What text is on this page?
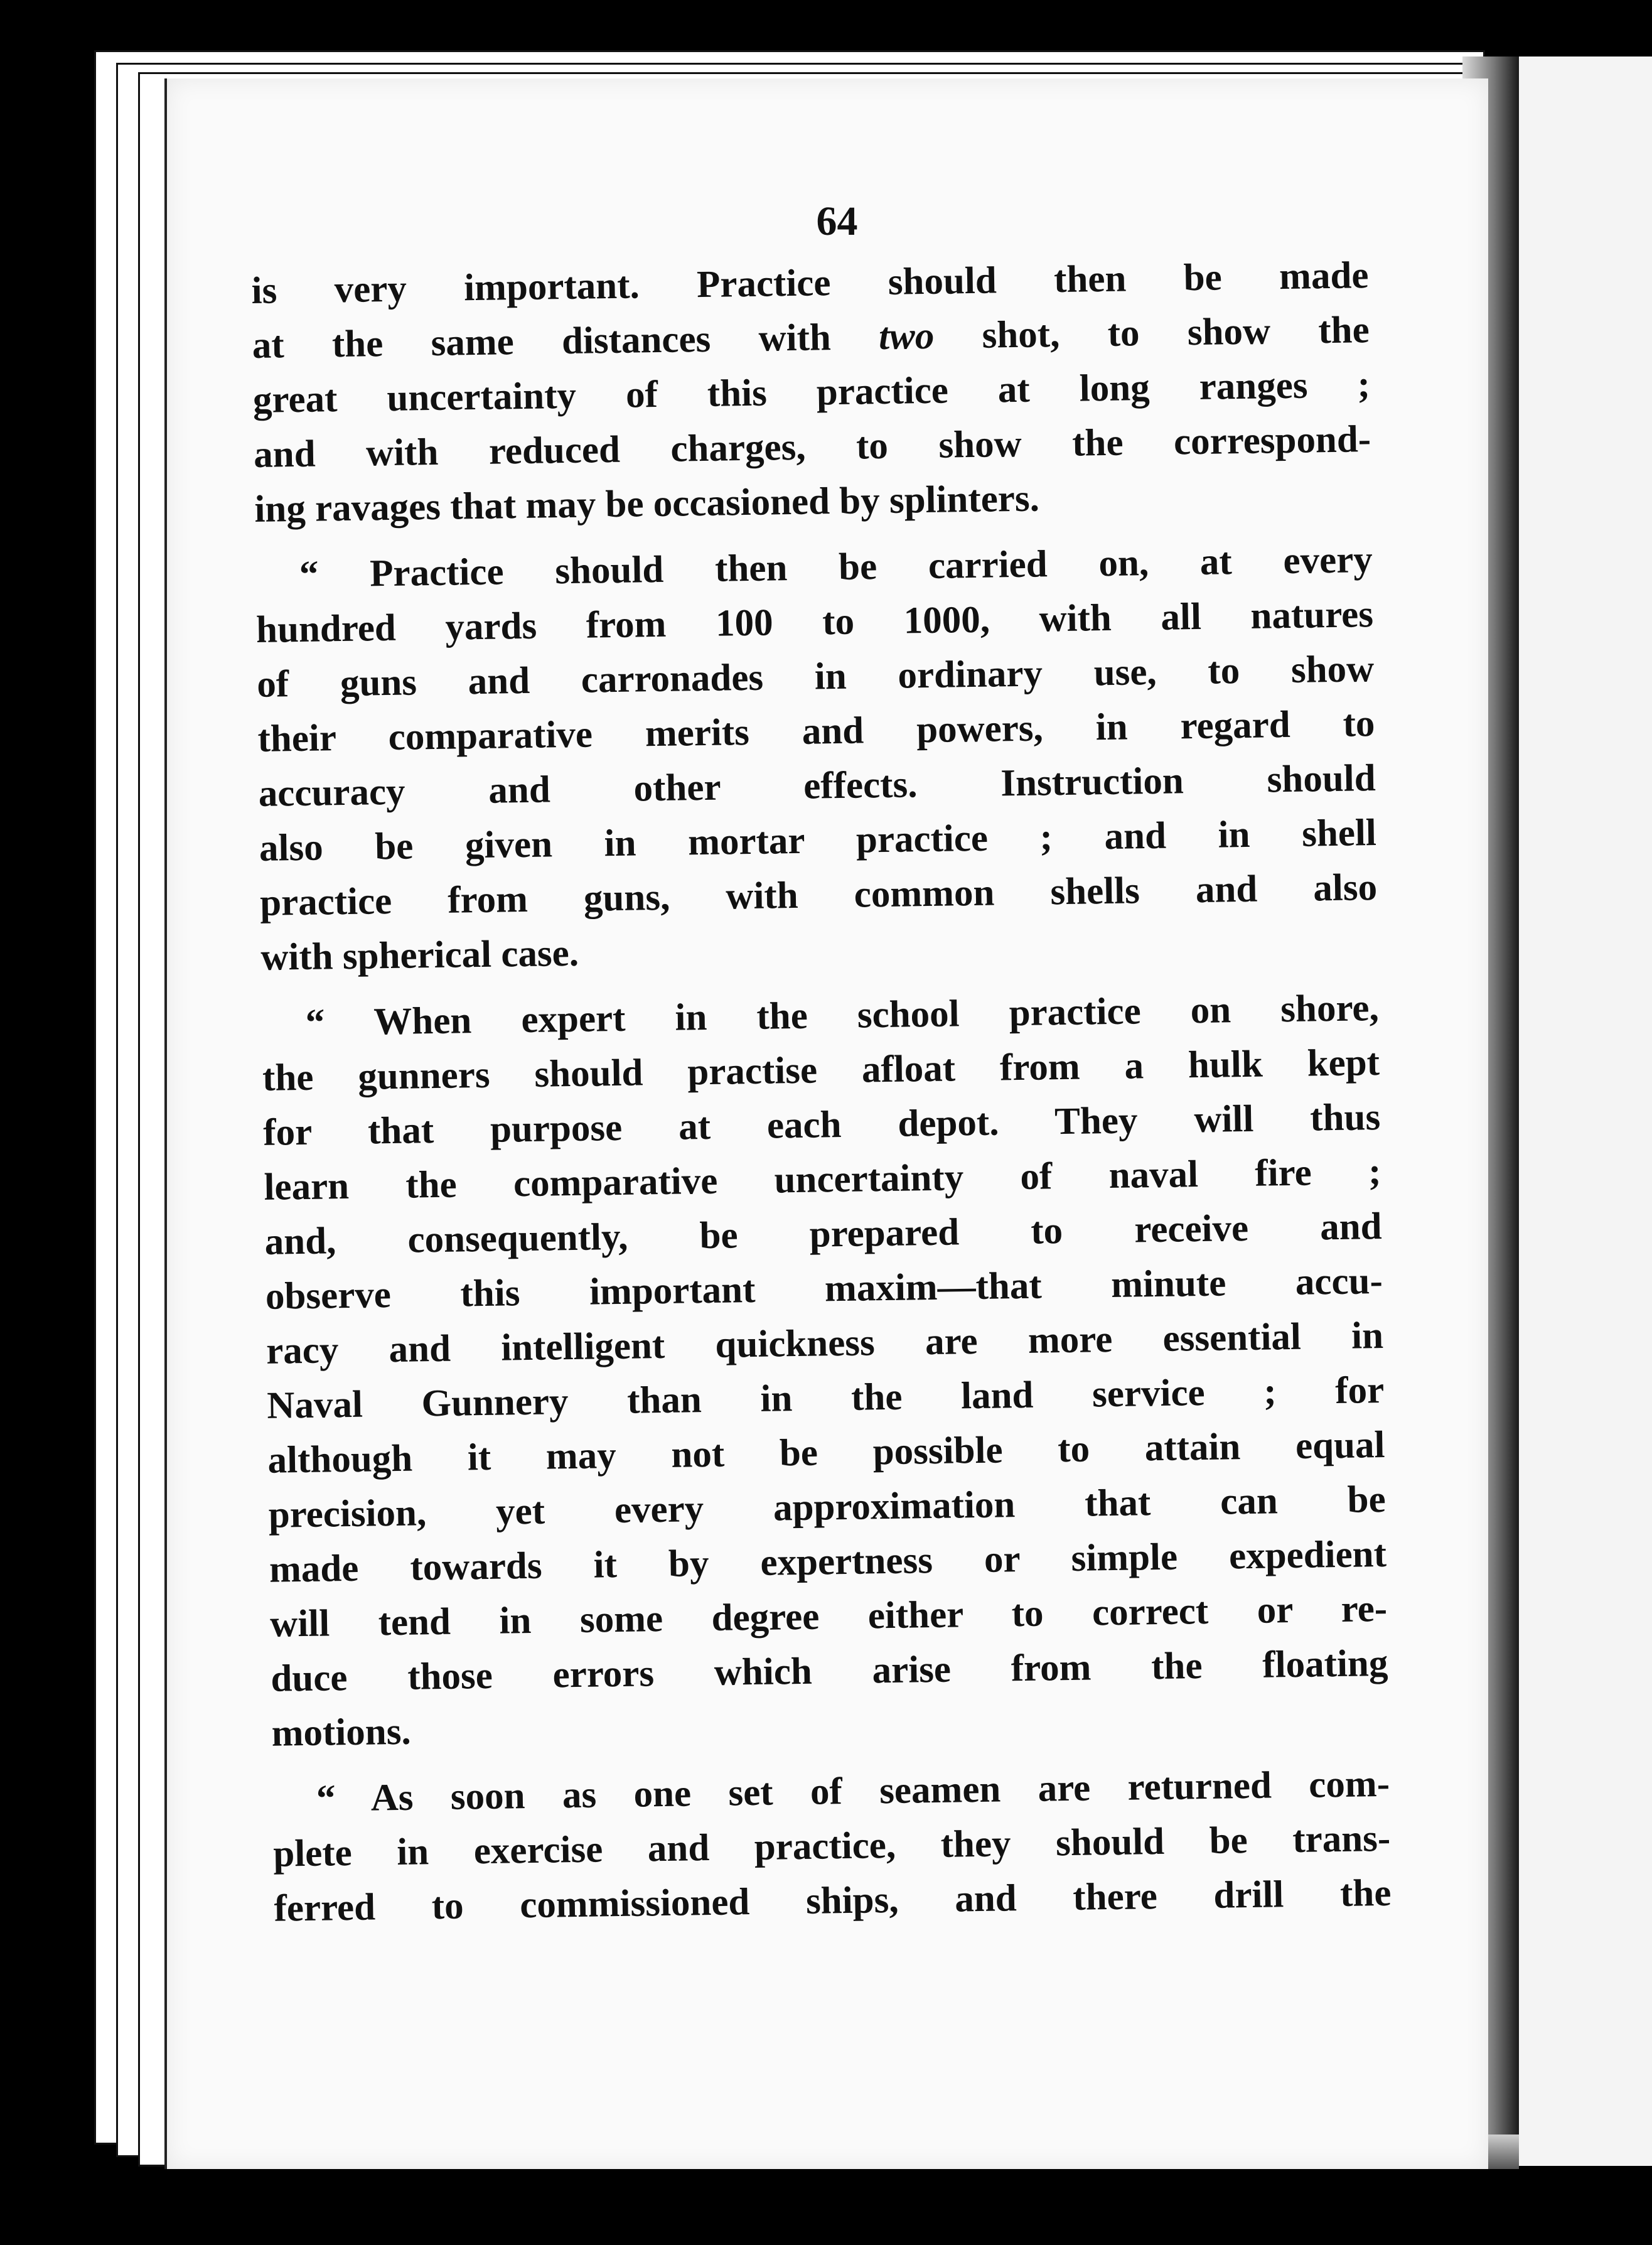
64
is very important. Practice should then be made
at the same distances with two shot, to show the
great uncertainty of this practice at long ranges ;
and with reduced charges, to show the correspond-
ing ravages that may be occasioned by splinters.
“ Practice should then be carried on, at every
hundred yards from 100 to 1000, with all natures
of guns and carronades in ordinary use, to show
their comparative merits and powers, in regard to
accuracy and other effects. Instruction should
also be given in mortar practice ; and in shell
practice from guns, with common shells and also
with spherical case.
“ When expert in the school practice on shore,
the gunners should practise afloat from a hulk kept
for that purpose at each depot. They will thus
learn the comparative uncertainty of naval fire ;
and, consequently, be prepared to receive and
observe this important maxim—that minute accu-
racy and intelligent quickness are more essential in
Naval Gunnery than in the land service ; for
although it may not be possible to attain equal
precision, yet every approximation that can be
made towards it by expertness or simple expedient
will tend in some degree either to correct or re-
duce those errors which arise from the floating
motions.
“ As soon as one set of seamen are returned com-
plete in exercise and practice, they should be trans-
ferred to commissioned ships, and there drill the
